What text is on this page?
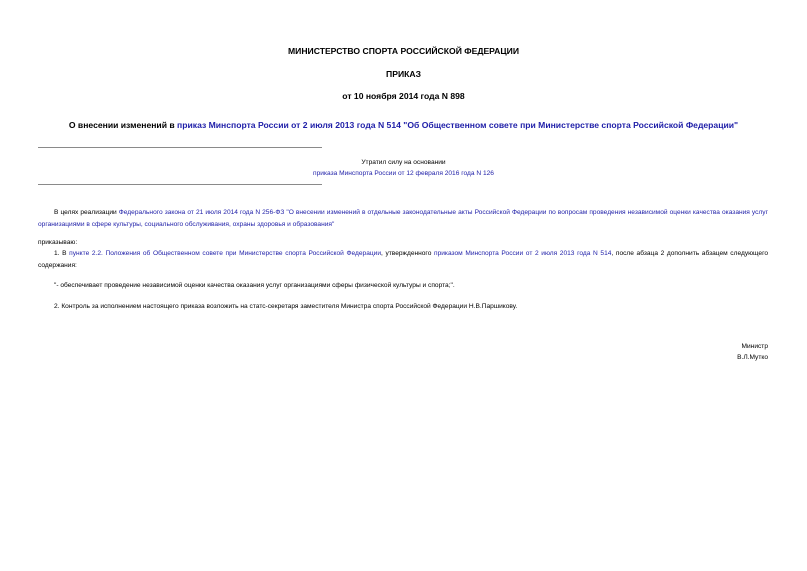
МИНИСТЕРСТВО СПОРТА РОССИЙСКОЙ ФЕДЕРАЦИИ
ПРИКАЗ
от 10 ноября 2014 года N 898
О внесении изменений в приказ Минспорта России от 2 июля 2013 года N 514 "Об Общественном совете при Министерстве спорта Российской Федерации"
Утратил силу на основании
приказа Минспорта России от 12 февраля 2016 года N 126
В целях реализации Федерального закона от 21 июля 2014 года N 256-ФЗ "О внесении изменений в отдельные законодательные акты Российской Федерации по вопросам проведения независимой оценки качества оказания услуг организациями в сфере культуры, социального обслуживания, охраны здоровья и образования"
приказываю:
1. В пункте 2.2. Положения об Общественном совете при Министерстве спорта Российской Федерации, утвержденного приказом Минспорта России от 2 июля 2013 года N 514, после абзаца 2 дополнить абзацем следующего содержания:
"- обеспечивает проведение независимой оценки качества оказания услуг организациями сферы физической культуры и спорта;".
2. Контроль за исполнением настоящего приказа возложить на статс-секретаря заместителя Министра спорта Российской Федерации Н.В.Паршикову.
Министр
В.Л.Мутко
